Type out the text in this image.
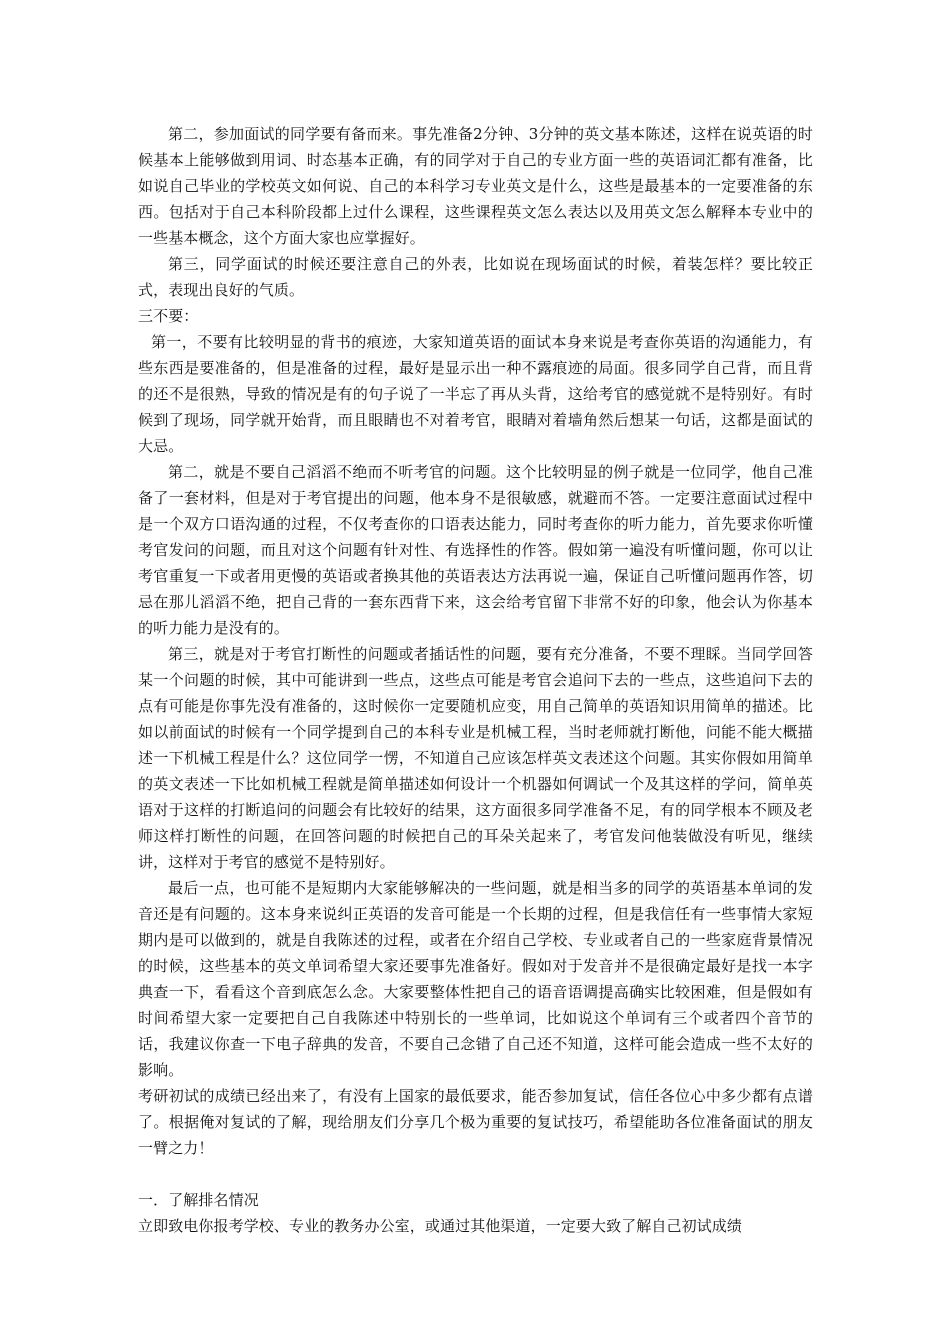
第二，参加面试的同学要有备而来。事先准备2分钟、3分钟的英文基本陈述，这样在说英语的时候基本上能够做到用词、时态基本正确，有的同学对于自己的专业方面一些的英语词汇都有准备，比如说自己毕业的学校英文如何说、自己的本科学习专业英文是什么，这些是最基本的一定要准备的东西。包括对于自己本科阶段都上过什么课程，这些课程英文怎么表达以及用英文怎么解释本专业中的一些基本概念，这个方面大家也应掌握好。

第三，同学面试的时候还要注意自己的外表，比如说在现场面试的时候，着装怎样？要比较正式，表现出良好的气质。

三不要：

第一，不要有比较明显的背书的痕迹，大家知道英语的面试本身来说是考查你英语的沟通能力，有些东西是要准备的，但是准备的过程，最好是显示出一种不露痕迹的局面。很多同学自己背，而且背的还不是很熟，导致的情况是有的句子说了一半忘了再从头背，这给考官的感觉就不是特别好。有时候到了现场，同学就开始背，而且眼睛也不对着考官，眼睛对着墙角然后想某一句话，这都是面试的大忌。

第二，就是不要自己滔滔不绝而不听考官的问题。这个比较明显的例子就是一位同学，他自己准备了一套材料，但是对于考官提出的问题，他本身不是很敏感，就避而不答。一定要注意面试过程中是一个双方口语沟通的过程，不仅考查你的口语表达能力，同时考查你的听力能力，首先要求你听懂考官发问的问题，而且对这个问题有针对性、有选择性的作答。假如第一遍没有听懂问题，你可以让考官重复一下或者用更慢的英语或者换其他的英语表达方法再说一遍，保证自己听懂问题再作答，切忌在那儿滔滔不绝，把自己背的一套东西背下来，这会给考官留下非常不好的印象，他会认为你基本的听力能力是没有的。

第三，就是对于考官打断性的问题或者插话性的问题，要有充分准备，不要不理睬。当同学回答某一个问题的时候，其中可能讲到一些点，这些点可能是考官会追问下去的一些点，这些追问下去的点有可能是你事先没有准备的，这时候你一定要随机应变，用自己简单的英语知识用简单的描述。比如以前面试的时候有一个同学提到自己的本科专业是机械工程，当时老师就打断他，问能不能大概描述一下机械工程是什么？这位同学一愣，不知道自己应该怎样英文表述这个问题。其实你假如用简单的英文表述一下比如机械工程就是简单描述如何设计一个机器如何调试一个及其这样的学问，简单英语对于这样的打断追问的问题会有比较好的结果，这方面很多同学准备不足，有的同学根本不顾及老师这样打断性的问题，在回答问题的时候把自己的耳朵关起来了，考官发问他装做没有听见，继续讲，这样对于考官的感觉不是特别好。

最后一点，也可能不是短期内大家能够解决的一些问题，就是相当多的同学的英语基本单词的发音还是有问题的。这本身来说纠正英语的发音可能是一个长期的过程，但是我信任有一些事情大家短期内是可以做到的，就是自我陈述的过程，或者在介绍自己学校、专业或者自己的一些家庭背景情况的时候，这些基本的英文单词希望大家还要事先准备好。假如对于发音并不是很确定最好是找一本字典查一下，看看这个音到底怎么念。大家要整体性把自己的语音语调提高确实比较困难，但是假如有时间希望大家一定要把自己自我陈述中特别长的一些单词，比如说这个单词有三个或者四个音节的话，我建议你查一下电子辞典的发音，不要自己念错了自己还不知道，这样可能会造成一些不太好的影响。

考研初试的成绩已经出来了，有没有上国家的最低要求，能否参加复试，信任各位心中多少都有点谱了。根据俺对复试的了解，现给朋友们分享几个极为重要的复试技巧，希望能助各位准备面试的朋友一臂之力！

一．了解排名情况

立即致电你报考学校、专业的教务办公室，或通过其他渠道，一定要大致了解自己初试成绩
